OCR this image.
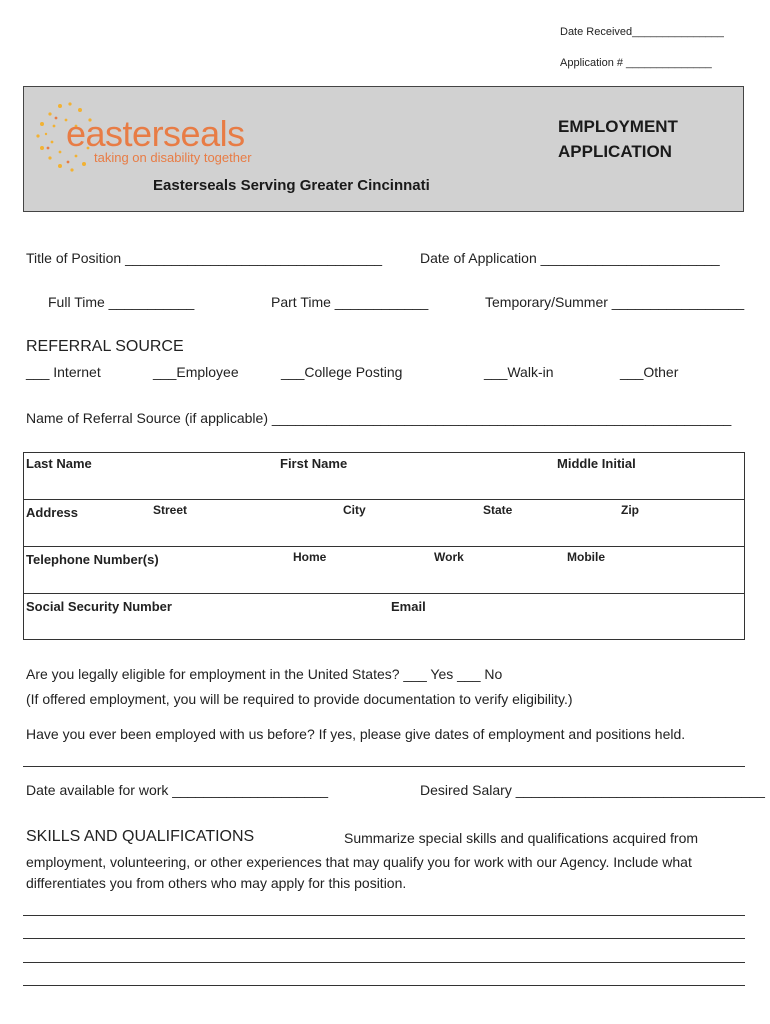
Date Received_______________
Application # ______________
easterseals
taking on disability together
EMPLOYMENT
APPLICATION
Easterseals Serving Greater Cincinnati
Title of Position _________________________________	Date of Application _______________________
Full Time ___________	Part Time ____________	Temporary/Summer _________________
REFERRAL SOURCE
___ Internet	___Employee	___College Posting	___Walk-in	___Other
Name of Referral Source (if applicable) ___________________________________________________________
Last Name	First Name	Middle Initial
Address	Street	City	State	Zip
Telephone Number(s)	Home	Work	Mobile
Social Security Number	Email
Are you legally eligible for employment in the United States? ___ Yes ___ No
(If offered employment, you will be required to provide documentation to verify eligibility.)
Have you ever been employed with us before? If yes, please give dates of employment and positions held.
Date available for work ____________________	Desired Salary ________________________________
SKILLS AND QUALIFICATIONS	Summarize special skills and qualifications acquired from
employment, volunteering, or other experiences that may qualify you for work with our Agency. Include what
differentiates you from others who may apply for this position.
